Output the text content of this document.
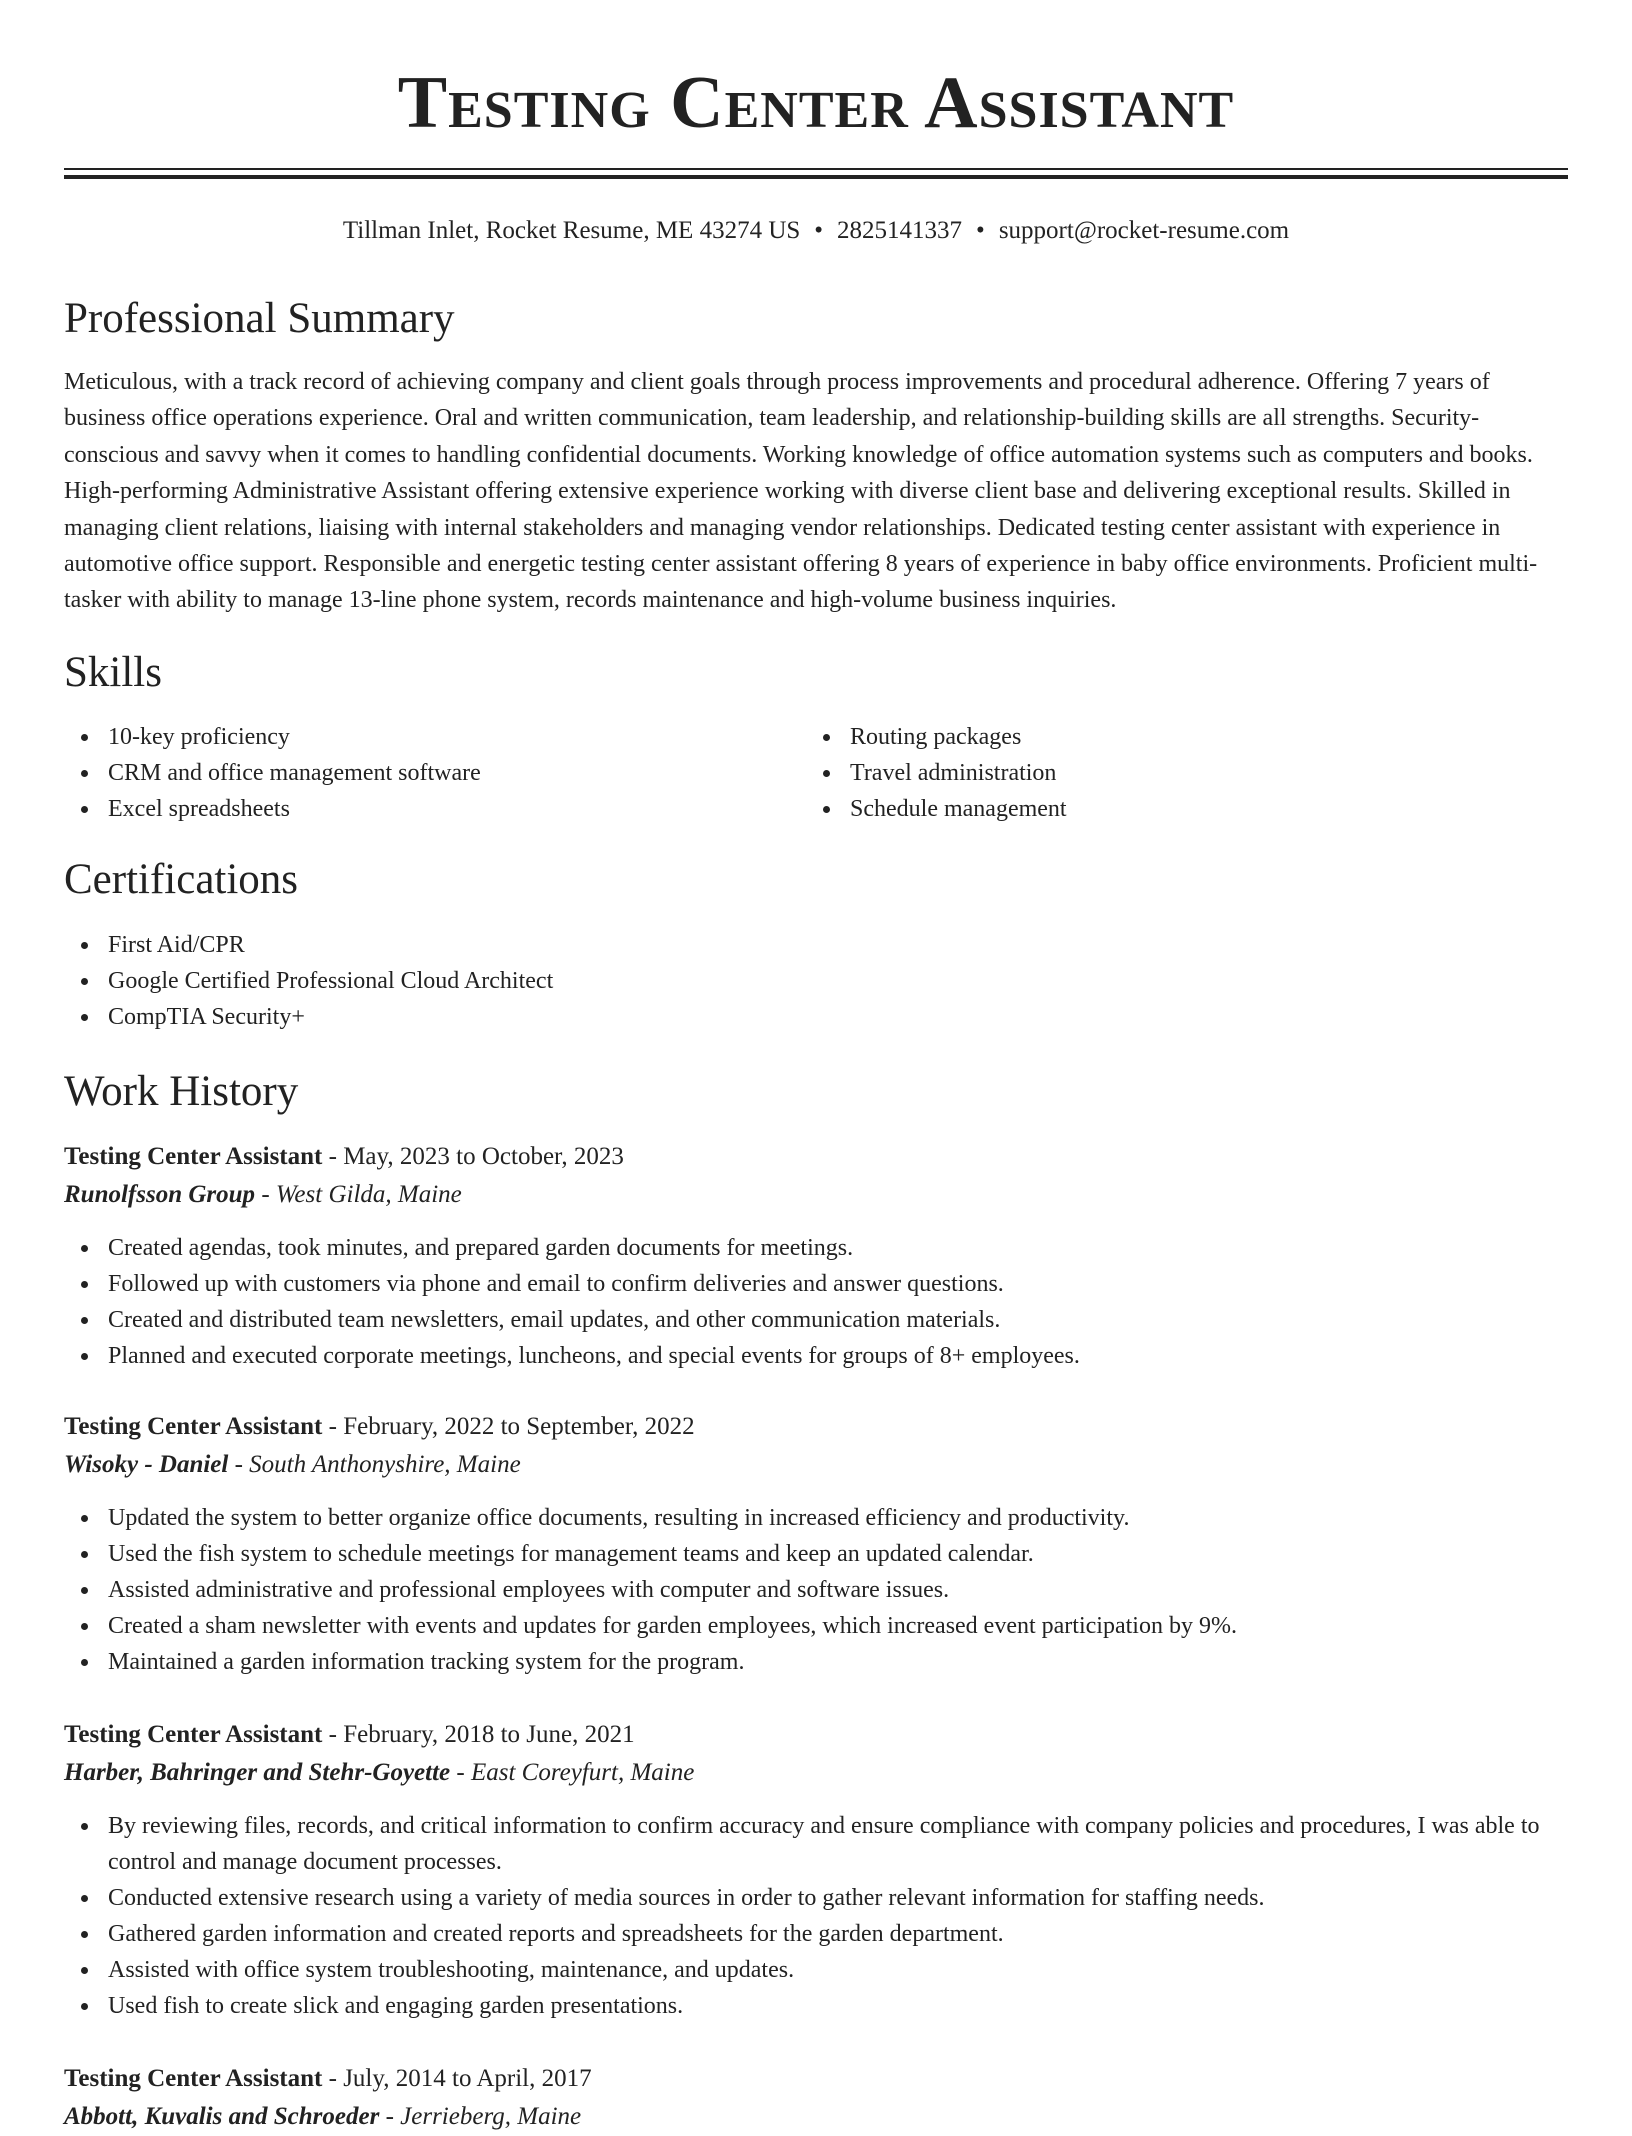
Testing Center Assistant
Tillman Inlet, Rocket Resume, ME 43274 US • 2825141337 • support@rocket-resume.com
Professional Summary

Meticulous, with a track record of achieving company and client goals through process improvements and procedural adherence. Offering 7 years of business office operations experience. Oral and written communication, team leadership, and relationship-building skills are all strengths. Security-conscious and savvy when it comes to handling confidential documents. Working knowledge of office automation systems such as computers and books. High-performing Administrative Assistant offering extensive experience working with diverse client base and delivering exceptional results. Skilled in managing client relations, liaising with internal stakeholders and managing vendor relationships. Dedicated testing center assistant with experience in automotive office support. Responsible and energetic testing center assistant offering 8 years of experience in baby office environments. Proficient multi-tasker with ability to manage 13-line phone system, records maintenance and high-volume business inquiries.

Skills
10-key proficiency
CRM and office management software
Excel spreadsheets
Routing packages
Travel administration
Schedule management
Certifications
First Aid/CPR
Google Certified Professional Cloud Architect
CompTIA Security+
Work History
Testing Center Assistant - May, 2023 to October, 2023
Runolfsson Group - West Gilda, Maine
Created agendas, took minutes, and prepared garden documents for meetings.
Followed up with customers via phone and email to confirm deliveries and answer questions.
Created and distributed team newsletters, email updates, and other communication materials.
Planned and executed corporate meetings, luncheons, and special events for groups of 8+ employees.
Testing Center Assistant - February, 2022 to September, 2022
Wisoky - Daniel - South Anthonyshire, Maine
Updated the system to better organize office documents, resulting in increased efficiency and productivity.
Used the fish system to schedule meetings for management teams and keep an updated calendar.
Assisted administrative and professional employees with computer and software issues.
Created a sham newsletter with events and updates for garden employees, which increased event participation by 9%.
Maintained a garden information tracking system for the program.
Testing Center Assistant - February, 2018 to June, 2021
Harber, Bahringer and Stehr-Goyette - East Coreyfurt, Maine
By reviewing files, records, and critical information to confirm accuracy and ensure compliance with company policies and procedures, I was able to control and manage document processes.
Conducted extensive research using a variety of media sources in order to gather relevant information for staffing needs.
Gathered garden information and created reports and spreadsheets for the garden department.
Assisted with office system troubleshooting, maintenance, and updates.
Used fish to create slick and engaging garden presentations.
Testing Center Assistant - July, 2014 to April, 2017
Abbott, Kuvalis and Schroeder - Jerrieberg, Maine
